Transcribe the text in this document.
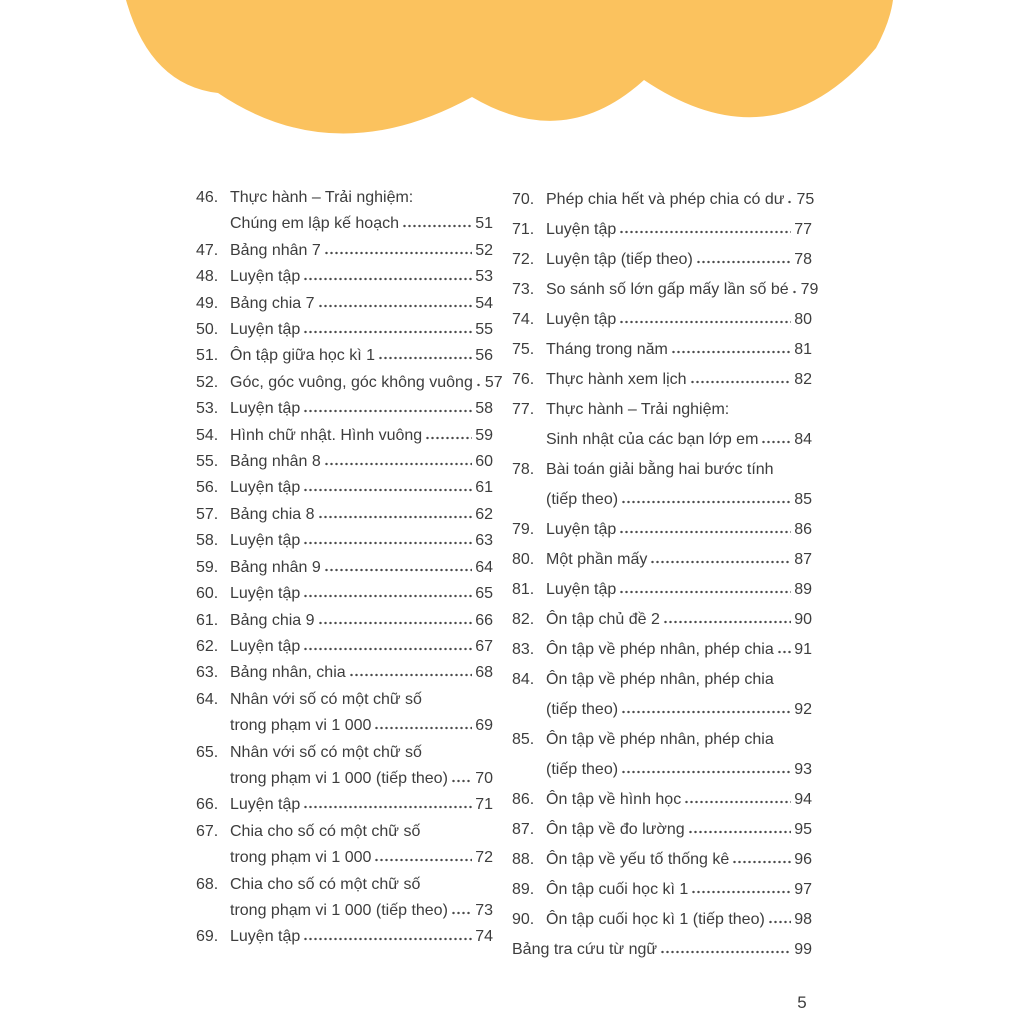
46. Thực hành – Trải nghiệm:
Chúng em lập kế hoạch	51
47. Bảng nhân 7	52
48. Luyện tập	53
49. Bảng chia 7	54
50. Luyện tập	55
51. Ôn tập giữa học kì 1	56
52. Góc, góc vuông, góc không vuông 57
53. Luyện tập	58
54. Hình chữ nhật. Hình vuông	59
55. Bảng nhân 8	60
56. Luyện tập	61
57. Bảng chia 8	62
58. Luyện tập	63
59. Bảng nhân 9	64
60. Luyện tập	65
61. Bảng chia 9	66
62. Luyện tập	67
63. Bảng nhân, chia	68
64. Nhân với số có một chữ số
trong phạm vi 1 000	69
65. Nhân với số có một chữ số
trong phạm vi 1 000 (tiếp theo) 70
66. Luyện tập	71
67. Chia cho số có một chữ số
trong phạm vi 1 000	72
68. Chia cho số có một chữ số
trong phạm vi 1 000 (tiếp theo) 73
69. Luyện tập	74
70. Phép chia hết và phép chia có dư 75
71. Luyện tập	77
72. Luyện tập (tiếp theo)	78
73. So sánh số lớn gấp mấy lần số bé 79
74. Luyện tập	80
75. Tháng trong năm	81
76. Thực hành xem lịch	82
77. Thực hành – Trải nghiệm:
Sinh nhật của các bạn lớp em 84
78. Bài toán giải bằng hai bước tính
(tiếp theo)	85
79. Luyện tập	86
80. Một phần mấy	87
81. Luyện tập	89
82. Ôn tập chủ đề 2	90
83. Ôn tập về phép nhân, phép chia 91
84. Ôn tập về phép nhân, phép chia
(tiếp theo)	92
85. Ôn tập về phép nhân, phép chia
(tiếp theo)	93
86. Ôn tập về hình học	94
87. Ôn tập về đo lường	95
88. Ôn tập về yếu tố thống kê	96
89. Ôn tập cuối học kì 1	97
90. Ôn tập cuối học kì 1 (tiếp theo) 98
Bảng tra cứu từ ngữ	99
5
